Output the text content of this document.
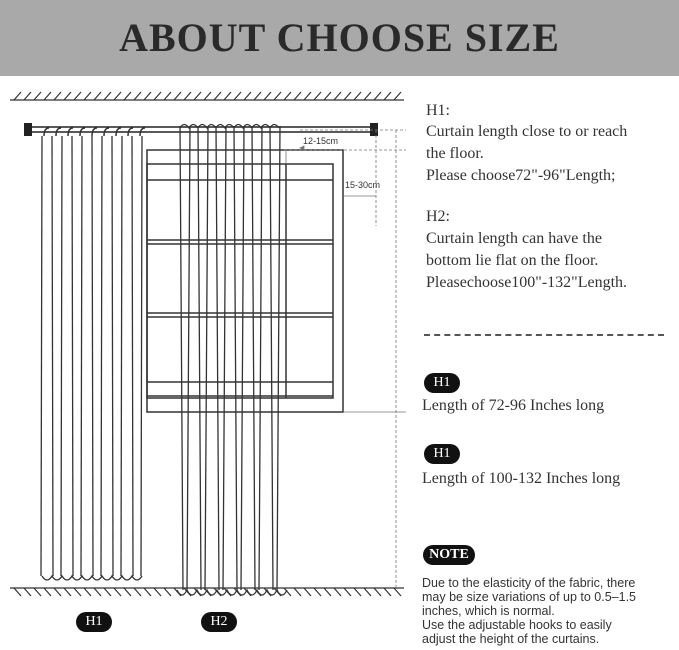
ABOUT CHOOSE SIZE
12-15cm
15-30cm
H1:
Curtain length close to or reach
the floor.
Please choose72"-96"Length;
H2:
Curtain length can have the
bottom lie flat on the floor.
Pleasechoose100"-132"Length.
H1
Length of 72-96 Inches long
H1
Length of 100-132 Inches long
NOTE
Due to the elasticity of the fabric, there
may be size variations of up to 0.5–1.5
inches, which is normal.
Use the adjustable hooks to easily
adjust the height of the curtains.
H1	H2
